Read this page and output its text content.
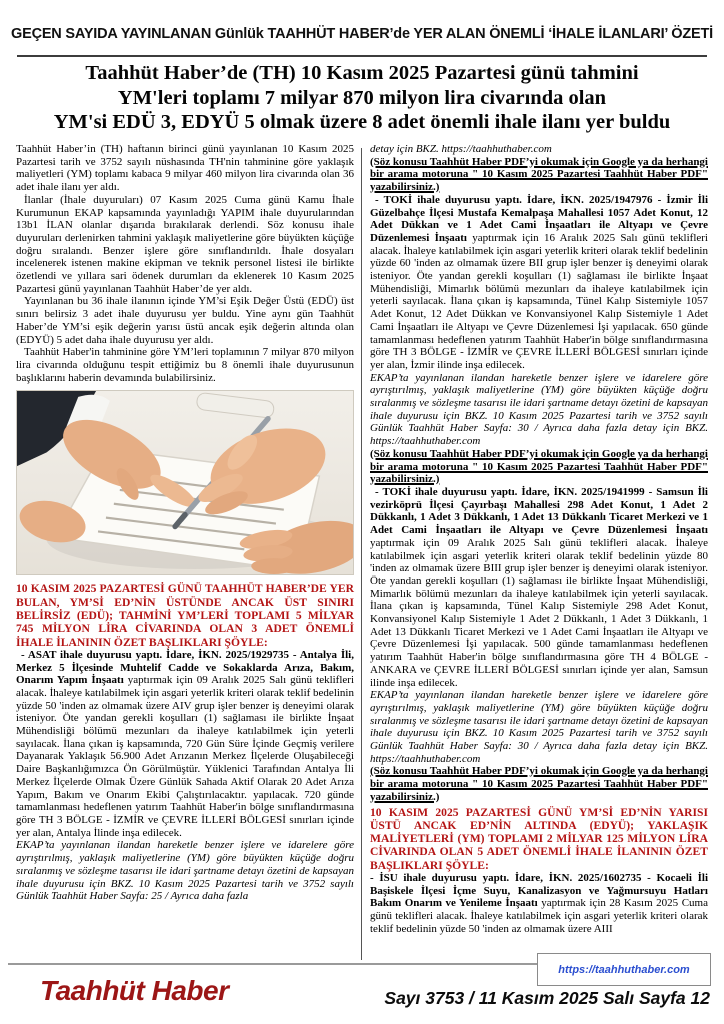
GEÇEN SAYIDA YAYINLANAN Günlük TAAHHÜT HABER’de YER ALAN ÖNEMLİ ‘İHALE İLANLARI’ ÖZETİ
Taahhüt Haber’de (TH) 10 Kasım 2025 Pazartesi günü tahmini
YM'leri toplamı 7 milyar 870 milyon lira civarında olan
YM'si EDÜ 3, EDYÜ 5 olmak üzere 8 adet önemli ihale ilanı yer buldu

Taahhüt Haber’in (TH) haftanın birinci günü yayınlanan 10 Kasım 2025 Pazartesi tarih ve 3752 sayılı nüshasında TH'nin tahminine göre yaklaşık maliyetleri (YM) toplamı kabaca 9 milyar 460 milyon lira civarında olan 36 adet ihale ilanı yer aldı.

İlanlar (İhale duyuruları) 07 Kasım 2025 Cuma günü Kamu İhale Kurumunun EKAP kapsamında yayınladığı YAPIM ihale duyurularından 13b1 İLAN olanlar dışarıda bırakılarak derlendi. Söz konusu ihale duyuruları derlenirken tahmini yaklaşık maliyetlerine göre büyükten küçüğe doğru sıralandı. Benzer işlere göre sınıflandırıldı. İhale dosyaları incelenerek istenen makine ekipman ve teknik personel listesi ile birlikte özetlendi ve yıllara sari ödenek durumları da eklenerek 10 Kasım 2025 Pazartesi günü yayınlanan Taahhüt Haber’de yer aldı.

Yayınlanan bu 36 ihale ilanının içinde YM’si Eşik Değer Üstü (EDÜ) üst sınırı belirsiz 3 adet ihale duyurusu yer buldu. Yine aynı gün Taahhüt Haber’de YM’si eşik değerin yarısı üstü ancak eşik değerin altında olan (EDYÜ) 5 adet daha ihale duyurusu yer aldı.

Taahhüt Haber'in tahminine göre YM’leri toplamının 7 milyar 870 milyon lira civarında olduğunu tespit ettiğimiz bu 8 önemli ihale duyurusunun başlıklarını haberin devamında bulabilirsiniz.

10 KASIM 2025 PAZARTESİ GÜNÜ TAAHHÜT HABER’DE YER BULAN, YM’Sİ ED’NİN ÜSTÜNDE ANCAK ÜST SINIRI BELİRSİZ (EDÜ); TAHMİNİ YM’LERİ TOPLAMI 5 MİLYAR 745 MİLYON LİRA CİVARINDA OLAN 3 ADET ÖNEMLİ İHALE İLANININ ÖZET BAŞLIKLARI ŞÖYLE:

- ASAT ihale duyurusu yaptı. İdare, İKN. 2025/1929735 - Antalya İli, Merkez 5 İlçesinde Muhtelif Cadde ve Sokaklarda Arıza, Bakım, Onarım Yapım İnşaatı yaptırmak için 09 Aralık 2025 Salı günü teklifleri alacak. İhaleye katılabilmek için asgari yeterlik kriteri olarak teklif bedelinin yüzde 50 'inden az olmamak üzere AIV grup işler benzer iş deneyimi olarak isteniyor. Öte yandan gerekli koşulları (1) sağlaması ile birlikte İnşaat Mühendisliği bölümü mezunları da ihaleye katılabilmek için yeterli sayılacak. İlana çıkan iş kapsamında, 720 Gün Süre İçinde Geçmiş verilere Dayanarak Yaklaşık 56.900 Adet Arızanın Merkez İlçelerde Oluşabileceği Daire Başkanlığımızca Ön Görülmüştür. Yüklenici Tarafından Antalya İli Merkez İlçelerde Olmak Üzere Günlük Sahada Aktif Olarak 20 Adet Arıza Yapım, Bakım ve Onarım Ekibi Çalıştırılacaktır. yapılacak. 720 günde tamamlanması hedeflenen yatırım Taahhüt Haber'in bölge sınıflandırmasına göre TH 3 BÖLGE - İZMİR ve ÇEVRE İLLERİ BÖLGESİ sınırları içinde yer alan, Antalya İlinde inşa edilecek.

EKAP’ta yayınlanan ilandan hareketle benzer işlere ve idarelere göre ayrıştırılmış, yaklaşık maliyetlerine (YM) göre büyükten küçüğe doğru sıralanmış ve sözleşme tasarısı ile idari şartname detayı özetini de kapsayan ihale duyurusu için BKZ. 10 Kasım 2025 Pazartesi tarih ve 3752 sayılı Günlük Taahhüt Haber Sayfa: 25 / Ayrıca daha fazla

detay için BKZ. https://taahhuthaber.com

(Söz konusu Taahhüt Haber PDF’yi okumak için Google ya da herhangi bir arama motoruna " 10 Kasım 2025 Pazartesi Taahhüt Haber PDF" yazabilirsiniz.)

- TOKİ ihale duyurusu yaptı. İdare, İKN. 2025/1947976 - İzmir İli Güzelbahçe İlçesi Mustafa Kemalpaşa Mahallesi 1057 Adet Konut, 12 Adet Dükkan ve 1 Adet Cami İnşaatları ile Altyapı ve Çevre Düzenlemesi İnşaatı yaptırmak için 16 Aralık 2025 Salı günü teklifleri alacak. İhaleye katılabilmek için asgari yeterlik kriteri olarak teklif bedelinin yüzde 60 'inden az olmamak üzere BII grup işler benzer iş deneyimi olarak isteniyor. Öte yandan gerekli koşulları (1) sağlaması ile birlikte İnşaat Mühendisliği, Mimarlık bölümü mezunları da ihaleye katılabilmek için yeterli sayılacak. İlana çıkan iş kapsamında, Tünel Kalıp Sistemiyle 1057 Adet Konut, 12 Adet Dükkan ve Konvansiyonel Kalıp Sistemiyle 1 Adet Cami İnşaatları ile Altyapı ve Çevre Düzenlemesi İşi yapılacak. 650 günde tamamlanması hedeflenen yatırım Taahhüt Haber'in bölge sınıflandırmasına göre TH 3 BÖLGE - İZMİR ve ÇEVRE İLLERİ BÖLGESİ sınırları içinde yer alan, İzmir ilinde inşa edilecek.

EKAP’ta yayınlanan ilandan hareketle benzer işlere ve idarelere göre ayrıştırılmış, yaklaşık maliyetlerine (YM) göre büyükten küçüğe doğru sıralanmış ve sözleşme tasarısı ile idari şartname detayı özetini de kapsayan ihale duyurusu için BKZ. 10 Kasım 2025 Pazartesi tarih ve 3752 sayılı Günlük Taahhüt Haber Sayfa: 30 / Ayrıca daha fazla detay için BKZ. https://taahhuthaber.com

(Söz konusu Taahhüt Haber PDF’yi okumak için Google ya da herhangi bir arama motoruna " 10 Kasım 2025 Pazartesi Taahhüt Haber PDF" yazabilirsiniz.)

- TOKİ ihale duyurusu yaptı. İdare, İKN. 2025/1941999 - Samsun İli vezirköprü İlçesi Çayırbaşı Mahallesi 298 Adet Konut, 1 Adet 2 Dükkanlı, 1 Adet 3 Dükkanlı, 1 Adet 13 Dükkanlı Ticaret Merkezi ve 1 Adet Cami İnşaatları ile Altyapı ve Çevre Düzenlemesi İnşaatı yaptırmak için 09 Aralık 2025 Salı günü teklifleri alacak. İhaleye katılabilmek için asgari yeterlik kriteri olarak teklif bedelinin yüzde 80 'inden az olmamak üzere BIII grup işler benzer iş deneyimi olarak isteniyor. Öte yandan gerekli koşulları (1) sağlaması ile birlikte İnşaat Mühendisliği, Mimarlık bölümü mezunları da ihaleye katılabilmek için yeterli sayılacak. İlana çıkan iş kapsamında, Tünel Kalıp Sistemiyle 298 Adet Konut, Konvansiyonel Kalıp Sistemiyle 1 Adet 2 Dükkanlı, 1 Adet 3 Dükkanlı, 1 Adet 13 Dükkanlı Ticaret Merkezi ve 1 Adet Cami İnşaatları ile Altyapı ve Çevre Düzenlemesi İşi yapılacak. 500 günde tamamlanması hedeflenen yatırım Taahhüt Haber'in bölge sınıflandırmasına göre TH 4 BÖLGE - ANKARA ve ÇEVRE İLLERİ BÖLGESİ sınırları içinde yer alan, Samsun ilinde inşa edilecek.

EKAP’ta yayınlanan ilandan hareketle benzer işlere ve idarelere göre ayrıştırılmış, yaklaşık maliyetlerine (YM) göre büyükten küçüğe doğru sıralanmış ve sözleşme tasarısı ile idari şartname detayı özetini de kapsayan ihale duyurusu için BKZ. 10 Kasım 2025 Pazartesi tarih ve 3752 sayılı Günlük Taahhüt Haber Sayfa: 30 / Ayrıca daha fazla detay için BKZ. https://taahhuthaber.com

(Söz konusu Taahhüt Haber PDF’yi okumak için Google ya da herhangi bir arama motoruna " 10 Kasım 2025 Pazartesi Taahhüt Haber PDF" yazabilirsiniz.)

10 KASIM 2025 PAZARTESİ GÜNÜ YM’Sİ ED’NİN YARISI ÜSTÜ ANCAK ED’NİN ALTINDA (EDYÜ); YAKLAŞIK MALİYETLERİ (YM) TOPLAMI 2 MİLYAR 125 MİLYON LİRA CİVARINDA OLAN 5 ADET ÖNEMLİ İHALE İLANININ ÖZET BAŞLIKLARI ŞÖYLE:

- İSU ihale duyurusu yaptı. İdare, İKN. 2025/1602735 - Kocaeli İli Başiskele İlçesi İçme Suyu, Kanalizasyon ve Yağmursuyu Hatları Bakım Onarım ve Yenileme İnşaatı yaptırmak için 28 Kasım 2025 Cuma günü teklifleri alacak. İhaleye katılabilmek için asgari yeterlik kriteri olarak teklif bedelinin yüzde 50 'inden az olmamak üzere AIII

https://taahhuthaber.com
Taahhüt Haber	Sayı 3753 / 11 Kasım 2025 Salı Sayfa 12
